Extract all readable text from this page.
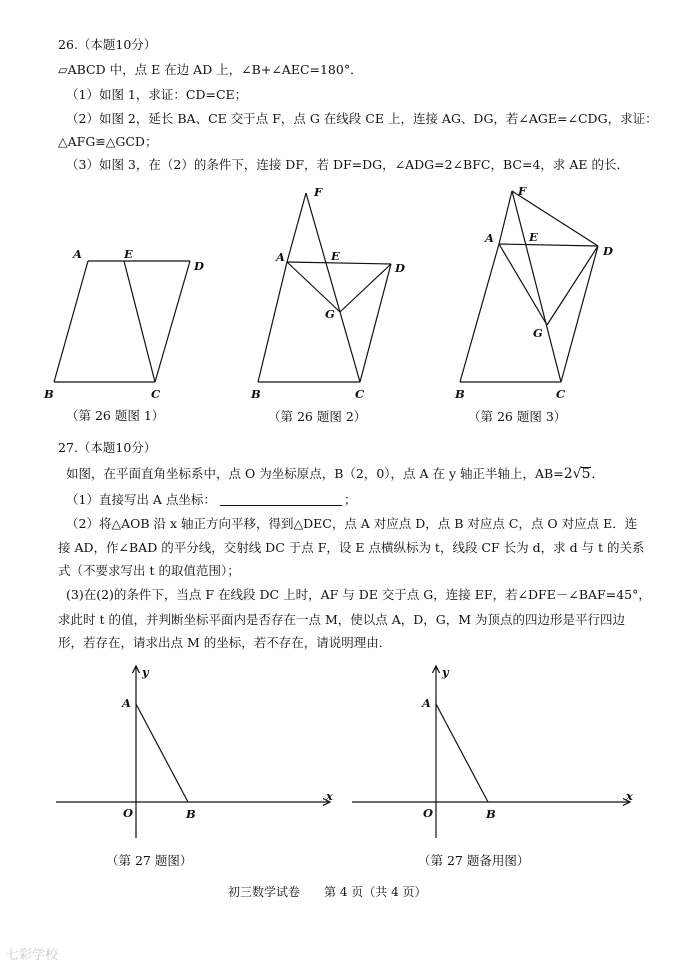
26.（本题10分）
▱ABCD 中，点 E 在边 AD 上，∠B+∠AEC=180°．
（1）如图 1，求证：CD=CE；
（2）如图 2，延长 BA、CE 交于点 F，点 G 在线段 CE 上，连接 AG、DG，若∠AGE=∠CDG，求证：
△AFG≌△GCD；
（3）如图 3，在（2）的条件下，连接 DF，若 DF=DG，∠ADG=2∠BFC，BC=4，求 AE 的长．
A	E
D
B	C
F
A	E
D
G
B	C
F
A	E
D
G
B	C
（第 26 题图 1）	（第 26 题图 2）	（第 26 题图 3）
27.（本题10分）
如图，在平面直角坐标系中，点 O 为坐标原点，B（2，0），点 A 在 y 轴正半轴上，AB=2√5．
（1）直接写出 A 点坐标：	；
（2）将△AOB 沿 x 轴正方向平移，得到△DEC，点 A 对应点 D，点 B 对应点 C，点 O 对应点 E．连
接 AD，作∠BAD 的平分线，交射线 DC 于点 F，设 E 点横纵标为 t，线段 CF 长为 d，求 d 与 t 的关系
式（不要求写出 t 的取值范围）；
(3)在(2)的条件下，当点 F 在线段 DC 上时，AF 与 DE 交于点 G，连接 EF，若∠DFE－∠BAF=45°，
求此时 t 的值，并判断坐标平面内是否存在一点 M，使以点 A，D，G，M 为顶点的四边形是平行四边
形，若存在，请求出点 M 的坐标，若不存在，请说明理由．
y
A
O	B
x
y
A
O	B
x
（第 27 题图）	（第 27 题备用图）
初三数学试卷　　第 4 页（共 4 页）
七彩学校
